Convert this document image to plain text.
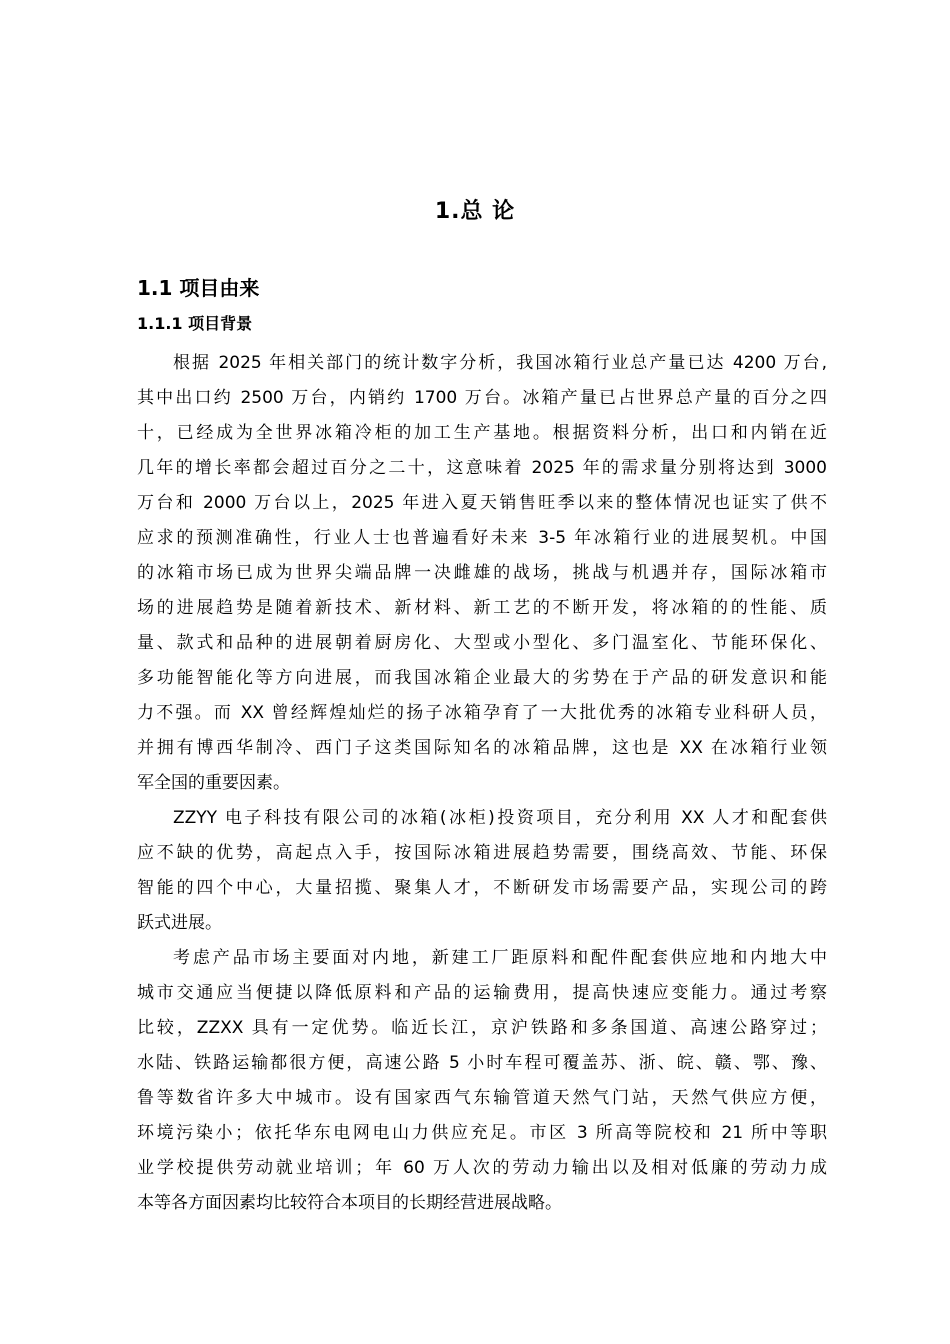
1.总 论
1.1 项目由来
1.1.1 项目背景
根据 2025 年相关部门的统计数字分析，我国冰箱行业总产量已达 4200 万台,
其中出口约 2500 万台，内销约 1700 万台。冰箱产量已占世界总产量的百分之四
十，已经成为全世界冰箱冷柜的加工生产基地。根据资料分析，出口和内销在近
几年的增长率都会超过百分之二十，这意味着 2025 年的需求量分别将达到 3000
万台和 2000 万台以上，2025 年进入夏天销售旺季以来的整体情况也证实了供不
应求的预测准确性，行业人士也普遍看好未来 3-5 年冰箱行业的进展契机。中国
的冰箱市场已成为世界尖端品牌一决雌雄的战场，挑战与机遇并存，国际冰箱市
场的进展趋势是随着新技术、新材料、新工艺的不断开发，将冰箱的的性能、质
量、款式和品种的进展朝着厨房化、大型或小型化、多门温室化、节能环保化、
多功能智能化等方向进展，而我国冰箱企业最大的劣势在于产品的研发意识和能
力不强。而 XX 曾经辉煌灿烂的扬子冰箱孕育了一大批优秀的冰箱专业科研人员，
并拥有博西华制冷、西门子这类国际知名的冰箱品牌，这也是 XX 在冰箱行业领
军全国的重要因素。
ZZYY 电子科技有限公司的冰箱(冰柜)投资项目，充分利用 XX 人才和配套供
应不缺的优势，高起点入手，按国际冰箱进展趋势需要，围绕高效、节能、环保
智能的四个中心，大量招揽、聚集人才，不断研发市场需要产品，实现公司的跨
跃式进展。
考虑产品市场主要面对内地，新建工厂距原料和配件配套供应地和内地大中
城市交通应当便捷以降低原料和产品的运输费用，提高快速应变能力。通过考察
比较，ZZXX 具有一定优势。临近长江，京沪铁路和多条国道、高速公路穿过；
水陆、铁路运输都很方便，高速公路 5 小时车程可覆盖苏、浙、皖、赣、鄂、豫、
鲁等数省许多大中城市。设有国家西气东输管道天然气门站，天然气供应方便，
环境污染小；依托华东电网电山力供应充足。市区 3 所高等院校和 21 所中等职
业学校提供劳动就业培训；年 60 万人次的劳动力输出以及相对低廉的劳动力成
本等各方面因素均比较符合本项目的长期经营进展战略。
